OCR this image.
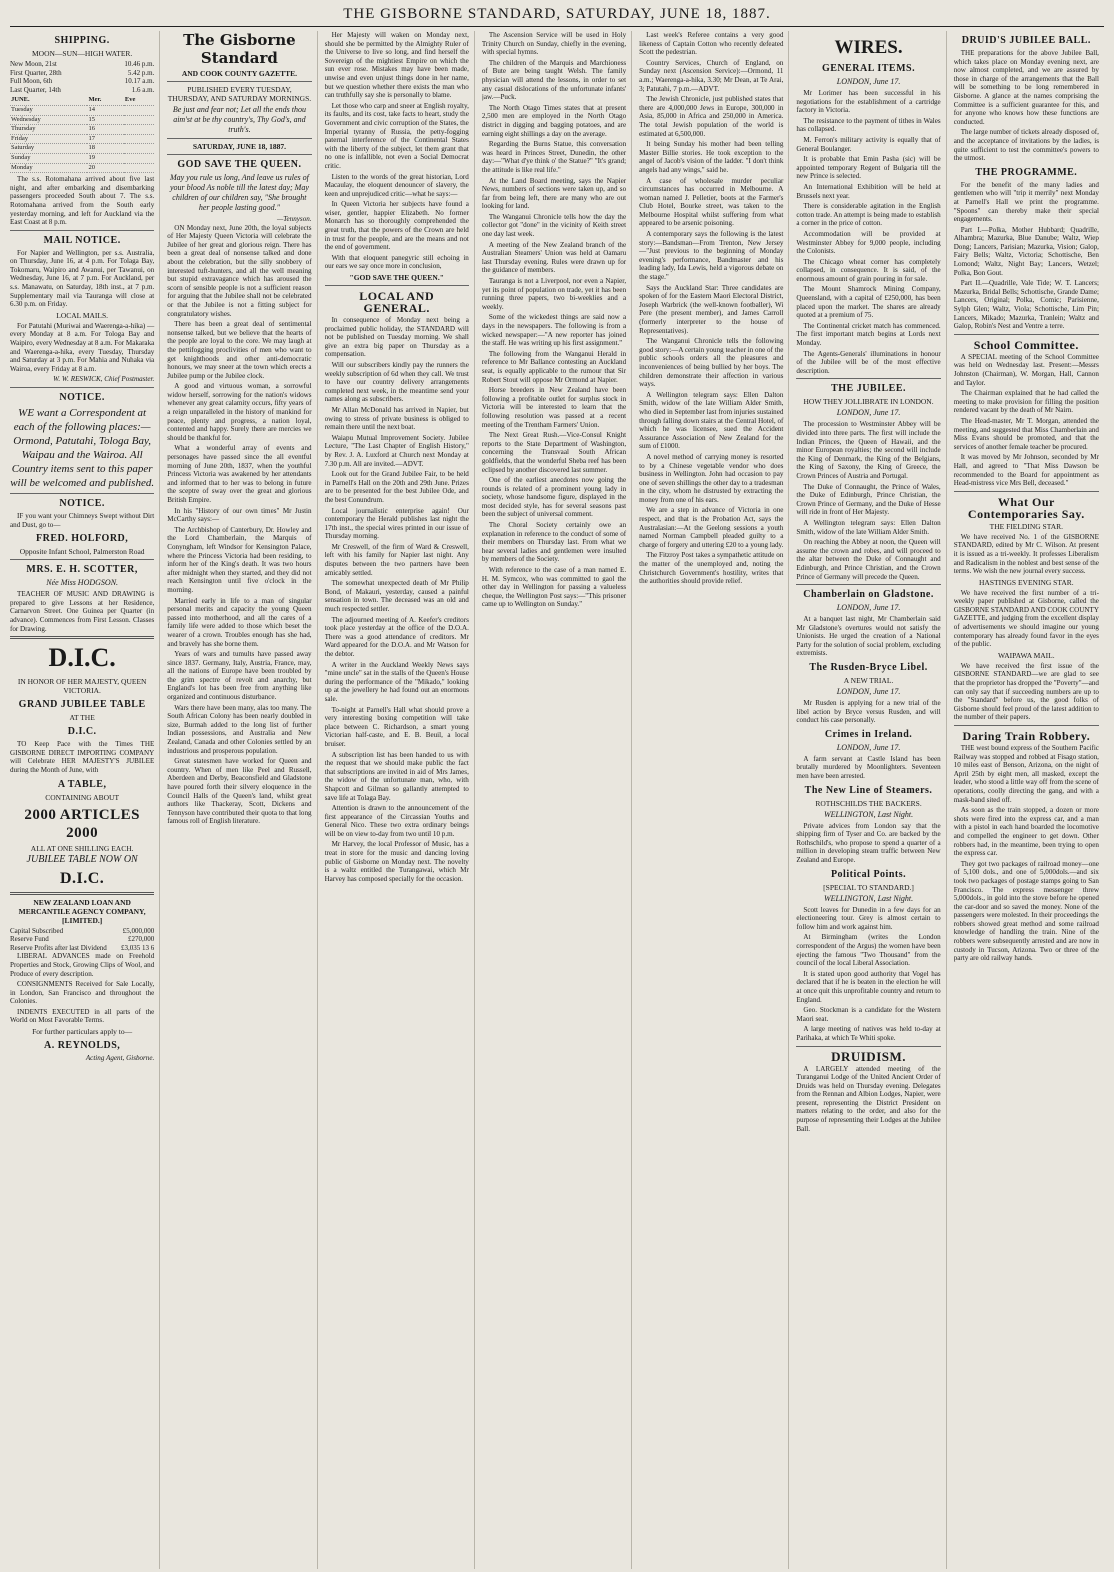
THE GISBORNE STANDARD, SATURDAY, JUNE 18, 1887.
SHIPPING.
MOON—SUN—HIGH WATER.
New Moon, 21st	10.46 p.m.
First Quarter, 28th	5.42 p.m.
Full Moon, 6th	10.17 a.m.
Last Quarter, 14th	1.6 a.m.
JUNE.	Mer.	Eve
Tuesday	14	
Wednesday	15	
Thursday	16	
Friday	17	
Saturday	18	
Sunday	19	
Monday	20	

The s.s. Rotomahana arrived about five last night, and after embarking and disembarking passengers proceeded South about 7. The s.s. Rotomahana arrived from the South early yesterday morning, and left for Auckland via the East Coast at 8 p.m.

MAIL NOTICE.

For Napier and Wellington, per s.s. Australia, on Thursday, June 16, at 4 p.m. For Tolaga Bay, Tokomaru, Waipiro and Awanui, per Tawanui, on Wednesday, June 16, at 7 p.m. For Auckland, per s.s. Manawatu, on Saturday, 18th inst., at 7 p.m. Supplementary mail via Tauranga will close at 6.30 p.m. on Friday.

LOCAL MAILS.

For Patutahi (Muriwai and Waerenga-a-hika) — every Monday at 8 a.m. For Tologa Bay and Waipiro, every Wednesday at 8 a.m. For Makaraka and Waerenga-a-hika, every Tuesday, Thursday and Saturday at 3 p.m. For Mahia and Nuhaka via Wairoa, every Friday at 8 a.m.

W. W. RESWICK, Chief Postmaster.
NOTICE.
WE want a Correspondent at each of the following places:—Ormond, Patutahi, Tologa Bay, Waipau and the Wairoa. All Country items sent to this paper will be welcomed and published.
NOTICE.

IF you want your Chimneys Swept without Dirt and Dust, go to—

FRED. HOLFORD,
Opposite Infant School, Palmerston Road
MRS. E. H. SCOTTER,
Née Miss HODGSON.

TEACHER OF MUSIC AND DRAWING is prepared to give Lessons at her Residence, Carnarvon Street. One Guinea per Quarter (in advance). Commences from First Lesson. Classes for Drawing.

D.I.C.
IN HONOR OF HER MAJESTY, QUEEN VICTORIA.
GRAND JUBILEE TABLE
AT THE
D.I.C.

TO Keep Pace with the Times THE GISBORNE DIRECT IMPORTING COMPANY will Celebrate HER MAJESTY'S JUBILEE during the Month of June, with

A TABLE,
CONTAINING ABOUT
2000 ARTICLES 2000
ALL AT ONE SHILLING EACH.
JUBILEE TABLE NOW ON
D.I.C.
NEW ZEALAND LOAN AND MERCANTILE AGENCY COMPANY, [LIMITED.]
Capital Subscribed	£5,000,000
Reserve Fund	£270,000
Reserve Profits after last Dividend £3,035 13 6

LIBERAL ADVANCES made on Freehold Properties and Stock, Growing Clips of Wool, and Produce of every description.

CONSIGNMENTS Received for Sale Locally, in London, San Francisco and throughout the Colonies.

INDENTS EXECUTED in all parts of the World on Most Favorable Terms.

For further particulars apply to—
A. REYNOLDS,
Acting Agent, Gisborne.
The Gisborne Standard
AND COOK COUNTY GAZETTE.
PUBLISHED EVERY TUESDAY, THURSDAY, AND SATURDAY MORNINGS.
Be just and fear not; Let all the ends thou aim'st at be thy country's, Thy God's, and truth's.
SATURDAY, JUNE 18, 1887.
GOD SAVE THE QUEEN.
May you rule us long, And leave us rules of your blood As noble till the latest day; May children of our children say, "She brought her people lasting good."
—Tennyson.

ON Monday next, June 20th, the loyal subjects of Her Majesty Queen Victoria will celebrate the Jubilee of her great and glorious reign. There has been a great deal of nonsense talked and done about the celebration, but the silly snobbery of interested tuft-hunters, and all the well meaning but stupid extravagance which has aroused the scorn of sensible people is not a sufficient reason for arguing that the Jubilee shall not be celebrated or that the Jubilee is not a fitting subject for congratulatory wishes.

There has been a great deal of sentimental nonsense talked, but we believe that the hearts of the people are loyal to the core. We may laugh at the pettifogging proclivities of men who want to get knighthoods and other anti-democratic honours, we may sneer at the town which erects a Jubilee pump or the Jubilee clock.

A good and virtuous woman, a sorrowful widow herself, sorrowing for the nation's widows whenever any great calamity occurs, fifty years of a reign unparalleled in the history of mankind for peace, plenty and progress, a nation loyal, contented and happy. Surely there are mercies we should be thankful for.

What a wonderful array of events and personages have passed since the all eventful morning of June 20th, 1837, when the youthful Princess Victoria was awakened by her attendants and informed that to her was to belong in future the sceptre of sway over the great and glorious British Empire.

In his "History of our own times" Mr Justin McCarthy says:—

The Archbishop of Canterbury, Dr. Howley and the Lord Chamberlain, the Marquis of Conyngham, left Windsor for Kensington Palace, where the Princess Victoria had been residing, to inform her of the King's death. It was two hours after midnight when they started, and they did not reach Kensington until five o'clock in the morning.

Married early in life to a man of singular personal merits and capacity the young Queen passed into motherhood, and all the cares of a family life were added to those which beset the wearer of a crown. Troubles enough has she had, and bravely has she borne them.

Years of wars and tumults have passed away since 1837. Germany, Italy, Austria, France, may, all the nations of Europe have been troubled by the grim spectre of revolt and anarchy, but England's lot has been free from anything like organized and continuous disturbance.

Wars there have been many, alas too many. The South African Colony has been nearly doubled in size, Burmah added to the long list of further Indian possessions, and Australia and New Zealand, Canada and other Colonies settled by an industrious and prosperous population.

Great statesmen have worked for Queen and country. When of men like Peel and Russell, Aberdeen and Derby, Beaconsfield and Gladstone have poured forth their silvery eloquence in the Council Halls of the Queen's land, whilst great authors like Thackeray, Scott, Dickens and Tennyson have contributed their quota to that long famous roll of English literature.

Her Majesty will waken on Monday next, should she be permitted by the Almighty Ruler of the Universe to live so long, and find herself the Sovereign of the mightiest Empire on which the sun ever rose. Mistakes may have been made, unwise and even unjust things done in her name, but we question whether there exists the man who can truthfully say she is personally to blame.

Let those who carp and sneer at English royalty, its faults, and its cost, take facts to heart, study the Government and civic corruption of the States, the Imperial tyranny of Russia, the petty-fogging paternal interference of the Continental States with the liberty of the subject, let them grant that no one is infallible, not even a Social Democrat critic.

Listen to the words of the great historian, Lord Macaulay, the eloquent denouncer of slavery, the keen and unprejudiced critic—what he says:—

In Queen Victoria her subjects have found a wiser, gentler, happier Elizabeth. No former Monarch has so thoroughly comprehended the great truth, that the powers of the Crown are held in trust for the people, and are the means and not the end of government.

With that eloquent panegyric still echoing in our ears we say once more in conclusion,

"GOD SAVE THE QUEEN."
LOCAL AND GENERAL.

In consequence of Monday next being a proclaimed public holiday, the STANDARD will not be published on Tuesday morning. We shall give an extra big paper on Thursday as a compensation.

Will our subscribers kindly pay the runners the weekly subscription of 6d when they call. We trust to have our country delivery arrangements completed next week, in the meantime send your names along as subscribers.

Mr Allan McDonald has arrived in Napier, but owing to stress of private business is obliged to remain there until the next boat.

Waiapu Mutual Improvement Society. Jubilee Lecture, "The Last Chapter of English History," by Rev. J. A. Luxford at Church next Monday at 7.30 p.m. All are invited.—ADVT.

Look out for the Grand Jubilee Fair, to be held in Parnell's Hall on the 20th and 29th June. Prizes are to be presented for the best Jubilee Ode, and the best Conundrum.

Local journalistic enterprise again! Our contemporary the Herald publishes last night the 17th inst., the special wires printed in our issue of Thursday morning.

Mr Creswell, of the firm of Ward & Creswell, left with his family for Napier last night. Any disputes between the two partners have been amicably settled.

The somewhat unexpected death of Mr Philip Bond, of Makauri, yesterday, caused a painful sensation in town. The deceased was an old and much respected settler.

The adjourned meeting of A. Keefer's creditors took place yesterday at the office of the D.O.A. There was a good attendance of creditors. Mr Ward appeared for the D.O.A. and Mr Watson for the debtor.

A writer in the Auckland Weekly News says "mine uncle" sat in the stalls of the Queen's House during the performance of the "Mikado," looking up at the jewellery he had found out an enormous sale.

To-night at Parnell's Hall what should prove a very interesting boxing competition will take place between C. Richardson, a smart young Victorian half-caste, and E. B. Beuil, a local bruiser.

A subscription list has been handed to us with the request that we should make public the fact that subscriptions are invited in aid of Mrs James, the widow of the unfortunate man, who, with Shapcott and Gilman so gallantly attempted to save life at Tolaga Bay.

Attention is drawn to the announcement of the first appearance of the Circassian Youths and General Nico. These two extra ordinary beings will be on view to-day from two until 10 p.m.

Mr Harvey, the local Professor of Music, has a treat in store for the music and dancing loving public of Gisborne on Monday next. The novelty is a waltz entitled the Turangawai, which Mr Harvey has composed specially for the occasion.

The Ascension Service will be used in Holy Trinity Church on Sunday, chiefly in the evening, with special hymns.

The children of the Marquis and Marchioness of Bute are being taught Welsh. The family physician will attend the lessons, in order to set any casual dislocations of the unfortunate infants' jaw.—Puck.

The North Otago Times states that at present 2,500 men are employed in the North Otago district in digging and bagging potatoes, and are earning eight shillings a day on the average.

Regarding the Burns Statue, this conversation was heard in Princes Street, Dunedin, the other day:—"What d'ye think o' the Statue?" "It's grand; the attitude is like real life."

At the Land Board meeting, says the Napier News, numbers of sections were taken up, and so far from being left, there are many who are out looking for land.

The Wanganui Chronicle tells how the day the collector got "done" in the vicinity of Keith street one day last week.

A meeting of the New Zealand branch of the Australian Steamers' Union was held at Oamaru last Thursday evening. Rules were drawn up for the guidance of members.

Tauranga is not a Liverpool, nor even a Napier, yet its point of population on trade, yet it has been running three papers, two bi-weeklies and a weekly.

Some of the wickedest things are said now a days in the newspapers. The following is from a wicked newspaper:—"A new reporter has joined the staff. He was writing up his first assignment."

The following from the Wanganui Herald in reference to Mr Ballance contesting an Auckland seat, is equally applicable to the rumour that Sir Robert Stout will oppose Mr Ormond at Napier.

Horse breeders in New Zealand have been following a profitable outlet for surplus stock in Victoria will be interested to learn that the following resolution was passed at a recent meeting of the Trentham Farmers' Union.

The Next Great Rush.—Vice-Consul Knight reports to the State Department of Washington, concerning the Transvaal South African goldfields, that the wonderful Sheba reef has been eclipsed by another discovered last summer.

One of the earliest anecdotes now going the rounds is related of a prominent young lady in society, whose handsome figure, displayed in the most decided style, has for several seasons past been the subject of universal comment.

The Choral Society certainly owe an explanation in reference to the conduct of some of their members on Thursday last. From what we hear several ladies and gentlemen were insulted by members of the Society.

With reference to the case of a man named E. H. M. Symcox, who was committed to gaol the other day in Wellington for passing a valueless cheque, the Wellington Post says:—"This prisoner came up to Wellington on Sunday."

Last week's Referee contains a very good likeness of Captain Cotton who recently defeated Scott the pedestrian.

Country Services, Church of England, on Sunday next (Ascension Service):—Ormond, 11 a.m.; Waerenga-a-hika, 3.30; Mr Dean, at Te Arai, 3; Patutahi, 7 p.m.—ADVT.

The Jewish Chronicle, just published states that there are 4,000,000 Jews in Europe, 300,000 in Asia, 85,000 in Africa and 250,000 in America. The total Jewish population of the world is estimated at 6,500,000.

It being Sunday his mother had been telling Master Billie stories. He took exception to the angel of Jacob's vision of the ladder. "I don't think angels had any wings," said he.

A case of wholesale murder peculiar circumstances has occurred in Melbourne. A woman named J. Pelletier, boots at the Farmer's Club Hotel, Bourke street, was taken to the Melbourne Hospital whilst suffering from what appeared to be arsenic poisoning.

A contemporary says the following is the latest story:—Bandsman—From Trenton, New Jersey—"Just previous to the beginning of Monday evening's performance, Bandmaster and his leading lady, Ida Lewis, held a vigorous debate on the stage."

Says the Auckland Star: Three candidates are spoken of for the Eastern Maori Electoral District, Joseph Warbrick (the well-known footballer), Wi Pere (the present member), and James Carroll (formerly interpreter to the house of Representatives).

The Wanganui Chronicle tells the following good story:—A certain young teacher in one of the public schools orders all the pleasures and inconveniences of being bullied by her boys. The children demonstrate their affection in various ways.

A Wellington telegram says: Ellen Dalton Smith, widow of the late William Alder Smith, who died in September last from injuries sustained through falling down stairs at the Central Hotel, of which he was licensee, sued the Accident Assurance Association of New Zealand for the sum of £1000.

A novel method of carrying money is resorted to by a Chinese vegetable vendor who does business in Wellington. John had occasion to pay one of seven shillings the other day to a tradesman in the city, whom he distrusted by extracting the money from one of his ears.

We are a step in advance of Victoria in one respect, and that is the Probation Act, says the Australasian:—At the Geelong sessions a youth named Norman Campbell pleaded guilty to a charge of forgery and uttering £20 to a young lady.

The Fitzroy Post takes a sympathetic attitude on the matter of the unemployed and, noting the Christchurch Government's hostility, writes that the authorities should provide relief.

WIRES.
GENERAL ITEMS.
LONDON, June 17.

Mr Lorimer has been successful in his negotiations for the establishment of a cartridge factory in Victoria.

The resistance to the payment of tithes in Wales has collapsed.

M. Ferron's military activity is equally that of General Boulanger.

It is probable that Emin Pasha (sic) will be appointed temporary Regent of Bulgaria till the new Prince is selected.

An International Exhibition will be held at Brussels next year.

There is considerable agitation in the English cotton trade. An attempt is being made to establish a corner in the price of cotton.

Accommodation will be provided at Westminster Abbey for 9,000 people, including the Colonists.

The Chicago wheat corner has completely collapsed, in consequence. It is said, of the enormous amount of grain pouring in for sale.

The Mount Shamrock Mining Company, Queensland, with a capital of £250,000, has been placed upon the market. The shares are already quoted at a premium of 75.

The Continental cricket match has commenced. The first important match begins at Lords next Monday.

The Agents-Generals' illuminations in honour of the Jubilee will be of the most effective description.

THE JUBILEE.
HOW THEY JOLLIBRATE IN LONDON.
LONDON, June 17.

The procession to Westminster Abbey will be divided into three parts. The first will include the Indian Princes, the Queen of Hawaii, and the minor European royalties; the second will include the King of Denmark, the King of the Belgians, the King of Saxony, the King of Greece, the Crown Princes of Austria and Portugal.

The Duke of Connaught, the Prince of Wales, the Duke of Edinburgh, Prince Christian, the Crown Prince of Germany, and the Duke of Hesse will ride in front of Her Majesty.

A Wellington telegram says: Ellen Dalton Smith, widow of the late William Alder Smith.

On reaching the Abbey at noon, the Queen will assume the crown and robes, and will proceed to the altar between the Duke of Connaught and Edinburgh, and Prince Christian, and the Crown Prince of Germany will precede the Queen.

Chamberlain on Gladstone.
LONDON, June 17.

At a banquet last night, Mr Chamberlain said Mr Gladstone's overtures would not satisfy the Unionists. He urged the creation of a National Party for the solution of social problem, excluding extremists.

The Rusden-Bryce Libel.
A NEW TRIAL.
LONDON, June 17.

Mr Rusden is applying for a new trial of the libel action by Bryce versus Rusden, and will conduct his case personally.

Crimes in Ireland.
LONDON, June 17.

A farm servant at Castle Island has been brutally murdered by Moonlighters. Seventeen men have been arrested.

The New Line of Steamers.
ROTHSCHILDS THE BACKERS.
WELLINGTON, Last Night.

Private advices from London say that the shipping firm of Tyser and Co. are backed by the Rothschild's, who propose to spend a quarter of a million in developing steam traffic between New Zealand and Europe.

Political Points.
[SPECIAL TO STANDARD.]
WELLINGTON, Last Night.

Scott leaves for Dunedin in a few days for an electioneering tour. Grey is almost certain to follow him and work against him.

At Birmingham (writes the London correspondent of the Argus) the women have been ejecting the famous "Two Thousand" from the council of the local Liberal Association.

It is stated upon good authority that Vogel has declared that if he is beaten in the election he will at once quit this unprofitable country and return to England.

Geo. Stockman is a candidate for the Western Maori seat.

A large meeting of natives was held to-day at Parihaka, at which Te Whiti spoke.

DRUIDISM.

A LARGELY attended meeting of the Turanganui Lodge of the United Ancient Order of Druids was held on Thursday evening. Delegates from the Rennan and Albion Lodges, Napier, were present, representing the District President on matters relating to the order, and also for the purpose of representing their Lodges at the Jubilee Ball.

DRUID'S JUBILEE BALL.

THE preparations for the above Jubilee Ball, which takes place on Monday evening next, are now almost completed, and we are assured by those in charge of the arrangements that the Ball will be something to be long remembered in Gisborne. A glance at the names comprising the Committee is a sufficient guarantee for this, and for anyone who knows how these functions are conducted.

The large number of tickets already disposed of, and the acceptance of invitations by the ladies, is quite sufficient to test the committee's powers to the utmost.

THE PROGRAMME.

For the benefit of the many ladies and gentlemen who will "trip it merrily" next Monday at Parnell's Hall we print the programme. "Spoons" can thereby make their special engagements.

Part I.—Polka, Mother Hubbard; Quadrille, Alhambra; Mazurka, Blue Danube; Waltz, Wiep Dong; Lancers, Parisian; Mazurka, Vision; Galop, Fairy Bells; Waltz, Victoria; Schottische, Ben Lomond; Waltz, Night Bay; Lancers, Wetzel; Polka, Bon Gout.

Part II.—Quadrille, Vale Tide; W. T. Lancers; Mazurka, Bridal Bells; Schottische, Grande Dame; Lancers, Original; Polka, Comic; Parisienne, Sylph Glen; Waltz, Viola; Schottische, Lim Pin; Lancers, Mikado; Mazurka, Tranlein; Waltz and Galop, Robin's Nest and Ventre a terre.

School Committee.

A SPECIAL meeting of the School Committee was held on Wednesday last. Present:—Messrs Johnston (Chairman), W. Morgan, Hall, Cannon and Taylor.

The Chairman explained that he had called the meeting to make provision for filling the position rendered vacant by the death of Mr Nairn.

The Head-master, Mr T. Morgan, attended the meeting, and suggested that Miss Chamberlain and Miss Evans should be promoted, and that the services of another female teacher be procured.

It was moved by Mr Johnson, seconded by Mr Hall, and agreed to "That Miss Dawson be recommended to the Board for appointment as Head-mistress vice Mrs Bell, deceased."

What Our Contemporaries Say.
THE FIELDING STAR.

We have received No. 1 of the GISBORNE STANDARD, edited by Mr C. Wilson. At present it is issued as a tri-weekly. It professes Liberalism and Radicalism in the noblest and best sense of the terms. We wish the new journal every success.

HASTINGS EVENING STAR.

We have received the first number of a tri-weekly paper published at Gisborne, called the GISBORNE STANDARD AND COOK COUNTY GAZETTE, and judging from the excellent display of advertisements we should imagine our young contemporary has already found favor in the eyes of the public.

WAIPAWA MAIL.

We have received the first issue of the GISBORNE STANDARD—we are glad to see that the proprietor has dropped the "Poverty"—and can only say that if succeeding numbers are up to the "Standard" before us, the good folks of Gisborne should feel proud of the latest addition to the number of their papers.

Daring Train Robbery.

THE west bound express of the Southern Pacific Railway was stopped and robbed at Fisago station, 10 miles east of Benson, Arizona, on the night of April 25th by eight men, all masked, except the leader, who stood a little way off from the scene of operations, coolly directing the gang, and with a mask-band sited off.

As soon as the train stopped, a dozen or more shots were fired into the express car, and a man with a pistol in each hand boarded the locomotive and compelled the engineer to get down. Other robbers had, in the meantime, been trying to open the express car.

They got two packages of railroad money—one of 5,100 dols., and one of 5,000dols.—and six took two packages of postage stamps going to San Francisco. The express messenger threw 5,000dols., in gold into the stove before he opened the car-door and so saved the money. None of the passengers were molested. In their proceedings the robbers showed great method and some railroad knowledge of handling the train. Nine of the robbers were subsequently arrested and are now in custody in Tucson, Arizona. Two or three of the party are old railway hands.
